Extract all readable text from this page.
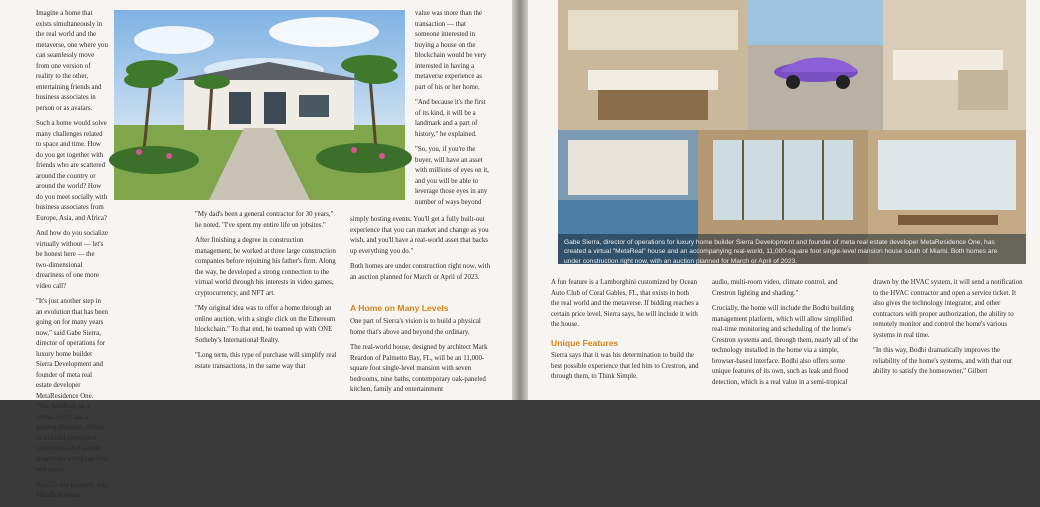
Imagine a home that exists simultaneously in the real world and the metaverse, one where you can seamlessly move from one version of reality to the other, entertaining friends and business associates in person or as avatars.

Such a home would solve many challenges related to space and time. How do you get together with friends who are scattered around the country or around the world? How do you meet socially with business associates from Europe, Asia, and Africa?

And how do you socialize virtually without — let's be honest here — the two-dimensional dreariness of one more video call?

"It's just another step in an evolution that has been going on for many years now," said Gabe Sierra, director of operations for luxury home builder Sierra Development and founder of meta real estate developer MetaResidence One. "The Sandbox, as a virtual world and a gaming platform, allows us to build immersive experiences that people around the world can visit and enjoy."

Yet like any property, this MetaReal house

"My dad's been a general contractor for 30 years," he noted. "I've spent my entire life on jobsites."

After finishing a degree in construction management, he worked at three large construction companies before rejoining his father's firm. Along the way, he developed a strong connection to the virtual world through his interests in video games, cryptocurrency, and NFT art.

"My original idea was to offer a home through an online auction, with a single click on the Ethereum blockchain." To that end, he teamed up with ONE Sotheby's International Realty.

"Long term, this type of purchase will simplify real estate transactions, in the same way that

value was more than the transaction — that someone interested in buying a house on the blockchain would be very interested in having a metaverse experience as part of his or her home.

"And because it's the first of its kind, it will be a landmark and a part of history," he explained.

"So, you, if you're the buyer, will have an asset with millions of eyes on it, and you will be able to leverage those eyes in any number of ways beyond

simply hosting events. You'll get a fully built-out experience that you can market and change as you wish, and you'll have a real-world asset that backs up everything you do."

Both homes are under construction right now, with an auction planned for March or April of 2023.

A Home on Many Levels

One part of Sierra's vision is to build a physical home that's above and beyond the ordinary.

The real-world house, designed by architect Mark Reardon of Palmetto Bay, FL, will be an 11,000-square foot single-level mansion with seven bedrooms, nine baths, contemporary oak-paneled kitchen, family and entertainment

Gabe Sierra, director of operations for luxury home builder Sierra Development and founder of meta real estate developer MetaResidence One, has created a virtual "MetaReal" house and an accompanying real-world, 11,000-square foot single-level mansion house south of Miami. Both homes are under construction right now, with an auction planned for March or April of 2023.

A fun feature is a Lamborghini customized by Ocean Auto Club of Coral Gables, FL, that exists in both the real world and the metaverse. If bidding reaches a certain price level, Sierra says, he will include it with the house.

Unique Features

Sierra says that it was his determination to build the best possible experience that led him to Crestron, and through them, to Think Simple.

audio, multi-room video, climate control, and Crestron lighting and shading."

Crucially, the home will include the Bodhi building management platform, which will allow simplified real-time monitoring and scheduling of the home's Crestron systems and, through them, nearly all of the technology installed in the home via a simple, browser-based interface. Bodhi also offers some unique features of its own, such as leak and flood detection, which is a real value in a semi-tropical

drawn by the HVAC system, it will send a notification to the HVAC contractor and open a service ticket. It also gives the technology integrator, and other contractors with proper authorization, the ability to remotely monitor and control the home's various systems in real time.

"In this way, Bodhi dramatically improves the reliability of the home's systems, and with that our ability to satisfy the homeowner," Gilbert
